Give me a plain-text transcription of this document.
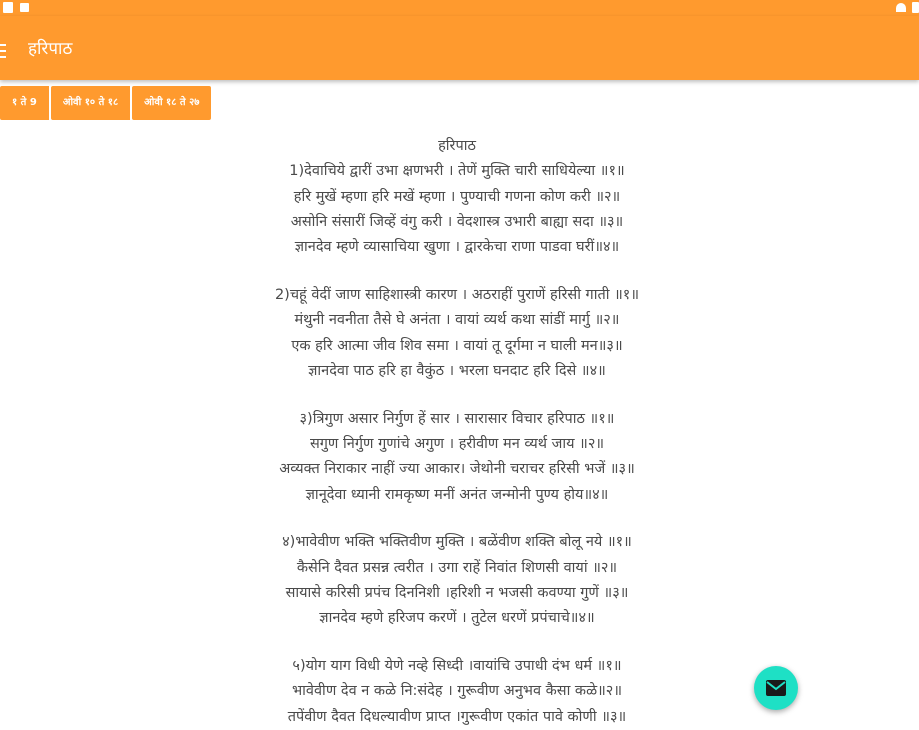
हरिपाठ
१ ते 9	ओवी १० ते १८	ओवी १८ ते २७
हरिपाठ
1)देवाचिये द्वारीं उभा क्षणभरी । तेणें मुक्ति चारी साधियेल्या ॥१॥
हरि मुखें म्हणा हरि मखें म्हणा । पुण्याची गणना कोण करी ॥२॥
असोनि संसारीं जिव्हें वंगु करी । वेदशास्त्र उभारी बाह्या सदा ॥३॥
ज्ञानदेव म्हणे व्यासाचिया खुणा । द्वारकेचा राणा पाडवा घरीं॥४॥
2)चहूं वेदीं जाण साहिशास्त्री कारण । अठराहीं पुराणें हरिसी गाती ॥१॥
मंथुनी नवनीता तैसे घे अनंता । वायां व्यर्थ कथा सांडीं मार्गु ॥२॥
एक हरि आत्मा जीव शिव समा । वायां तू दूर्गमा न घाली मन॥३॥
ज्ञानदेवा पाठ हरि हा वैकुंठ । भरला घनदाट हरि दिसे ॥४॥
३)त्रिगुण असार निर्गुण हें सार । सारासार विचार हरिपाठ ॥१॥
सगुण निर्गुण गुणांचे अगुण । हरीवीण मन व्यर्थ जाय ॥२॥
अव्यक्त निराकार नाहीं ज्या आकार। जेथोनी चराचर हरिसी भजें ॥३॥
ज्ञानूदेवा ध्यानी रामकृष्ण मनीं अनंत जन्मोनी पुण्य होय॥४॥
४)भावेवीण भक्ति भक्तिवीण मुक्ति । बळेंवीण शक्ति बोलू नये ॥१॥
कैसेनि दैवत प्रसन्न त्वरीत । उगा राहें निवांत शिणसी वायां ॥२॥
सायासे करिसी प्रपंच दिननिशी ।हरिशी न भजसी कवण्या गुणें ॥३॥
ज्ञानदेव म्हणे हरिजप करणें । तुटेल धरणें प्रपंचाचे॥४॥
५)योग याग विधी येणे नव्हे सिध्दी ।वायांचि उपाधी दंभ धर्म ॥१॥
भावेवीण देव न कळे नि:संदेह । गुरूवीण अनुभव कैसा कळे॥२॥
तपेंवीण दैवत दिधल्यावीण प्राप्त ।गुरूवीण एकांत पावे कोणी ॥३॥
